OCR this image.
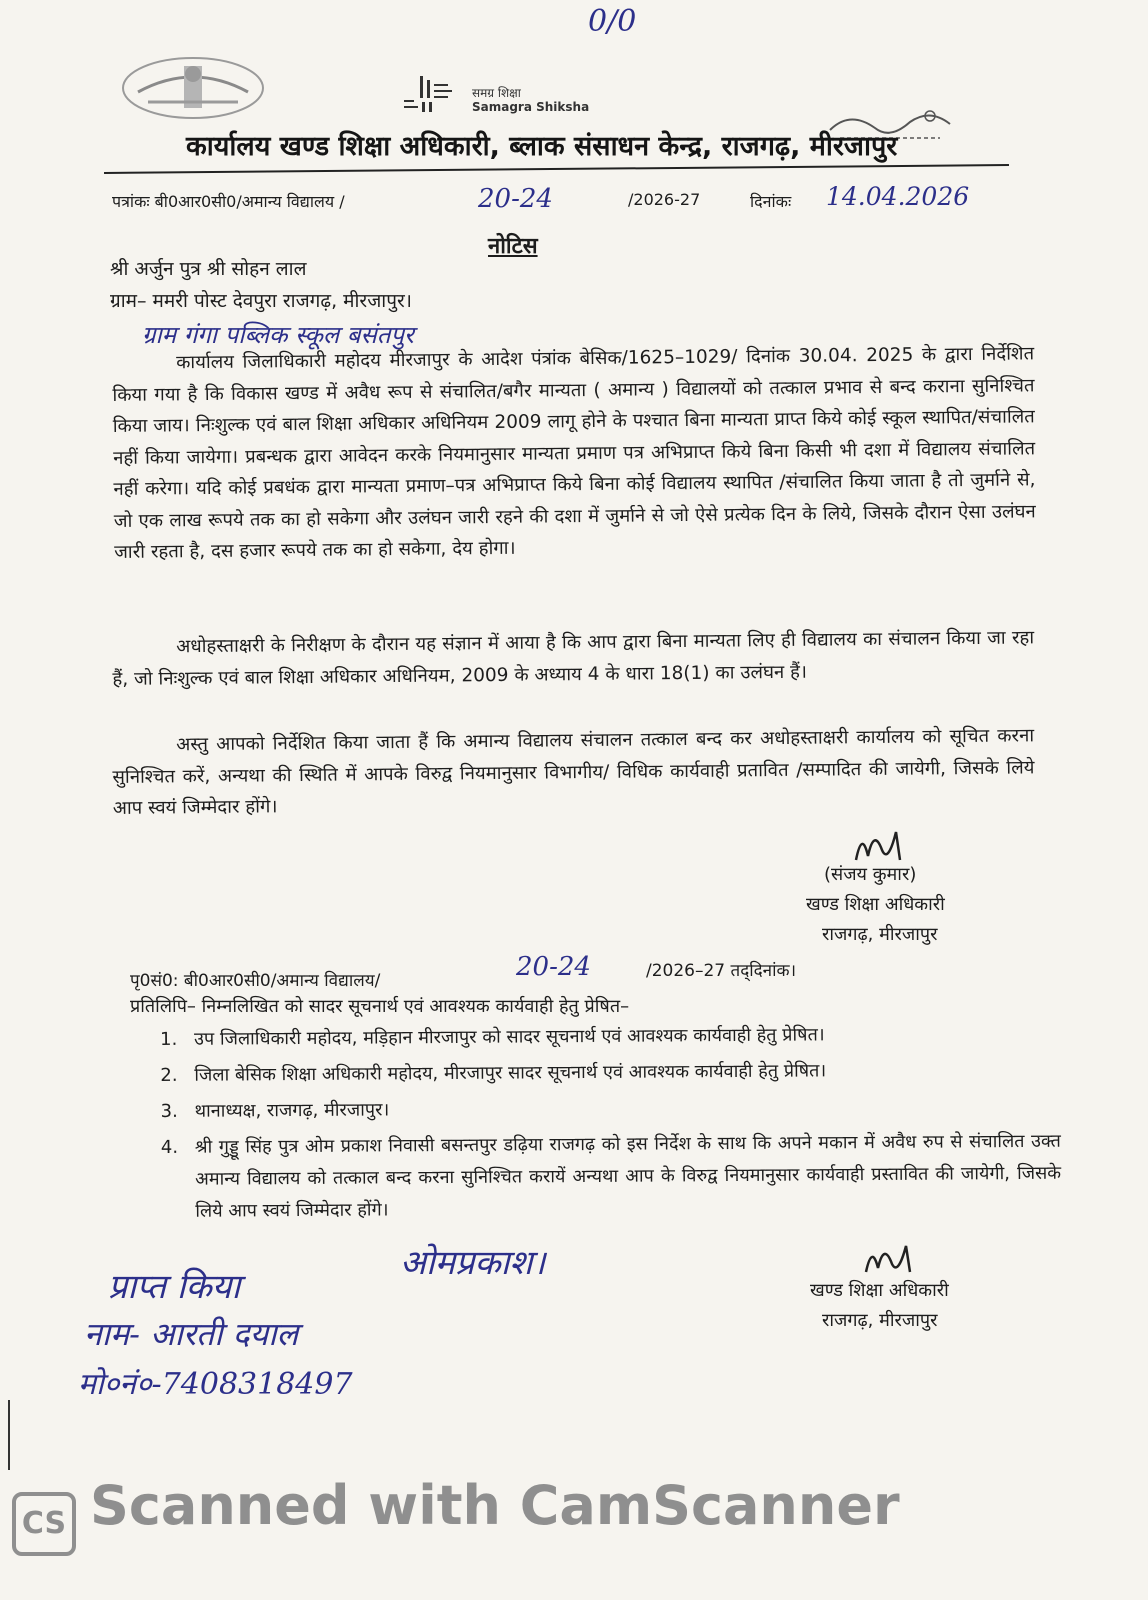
0/0
समग्र शिक्षा
Samagra Shiksha
कार्यालय खण्ड शिक्षा अधिकारी, ब्लाक संसाधन केन्द्र, राजगढ़, मीरजापुर
पत्रांकः बी0आर0सी0/अमान्य विद्यालय /	20-24	/2026-27	दिनांकः 14.04.2026
नोटिस
श्री अर्जुन पुत्र श्री सोहन लाल
ग्राम– ममरी पोस्ट देवपुरा राजगढ़, मीरजापुर।
ग्राम गंगा पब्लिक स्कूल बसंतपुर
कार्यालय जिलाधिकारी महोदय मीरजापुर के आदेश पंत्रांक बेसिक/1625–1029/ दिनांक 30.04. 2025 के द्वारा निर्देशित किया गया है कि विकास खण्ड में अवैध रूप से संचालित/बगैर मान्यता ( अमान्य ) विद्यालयों को तत्काल प्रभाव से बन्द कराना सुनिश्चित किया जाय। निःशुल्क एवं बाल शिक्षा अधिकार अधिनियम 2009 लागू होने के पश्चात बिना मान्यता प्राप्त किये कोई स्कूल स्थापित/संचालित नहीं किया जायेगा। प्रबन्धक द्वारा आवेदन करके नियमानुसार मान्यता प्रमाण पत्र अभिप्राप्त किये बिना किसी भी दशा में विद्यालय संचालित नहीं करेगा। यदि कोई प्रबधंक द्वारा मान्यता प्रमाण–पत्र अभिप्राप्त किये बिना कोई विद्यालय स्थापित /संचालित किया जाता है तो जुर्माने से, जो एक लाख रूपये तक का हो सकेगा और उलंघन जारी रहने की दशा में जुर्माने से जो ऐसे प्रत्येक दिन के लिये, जिसके दौरान ऐसा उलंघन जारी रहता है, दस हजार रूपये तक का हो सकेगा, देय होगा।
अधोहस्ताक्षरी के निरीक्षण के दौरान यह संज्ञान में आया है कि आप द्वारा बिना मान्यता लिए ही विद्यालय का संचालन किया जा रहा हैं, जो निःशुल्क एवं बाल शिक्षा अधिकार अधिनियम, 2009 के अध्याय 4 के धारा 18(1) का उलंघन हैं।
अस्तु आपको निर्देशित किया जाता हैं कि अमान्य विद्यालय संचालन तत्काल बन्द कर अधोहस्ताक्षरी कार्यालय को सूचित करना सुनिश्चित करें, अन्यथा की स्थिति में आपके विरुद्व नियमानुसार विभागीय/ विधिक कार्यवाही प्रतावित /सम्पादित की जायेगी, जिसके लिये आप स्वयं जिम्मेदार होंगे।
(संजय कुमार)
खण्ड शिक्षा अधिकारी
राजगढ़, मीरजापुर
पृ0सं0: बी0आर0सी0/अमान्य विद्यालय/	20-24	/2026–27 तद्‌दिनांक।
प्रतिलिपि– निम्नलिखित को सादर सूचनार्थ एवं आवश्यक कार्यवाही हेतु प्रेषित–
1. उप जिलाधिकारी महोदय, मड़िहान मीरजापुर को सादर सूचनार्थ एवं आवश्यक कार्यवाही हेतु प्रेषित।
2. जिला बेसिक शिक्षा अधिकारी महोदय, मीरजापुर सादर सूचनार्थ एवं आवश्यक कार्यवाही हेतु प्रेषित।
3. थानाध्यक्ष, राजगढ़, मीरजापुर।
4. श्री गुड्डू सिंह पुत्र ओम प्रकाश निवासी बसन्तपुर डढ़िया राजगढ़ को इस निर्देश के साथ कि अपने मकान में अवैध रुप से संचालित उक्त अमान्य विद्यालय को तत्काल बन्द करना सुनिश्चित करायें अन्यथा आप के विरुद्व नियमानुसार कार्यवाही प्रस्तावित की जायेगी, जिसके लिये आप स्वयं जिम्मेदार होंगे।
खण्ड शिक्षा अधिकारी
राजगढ़, मीरजापुर
ओमप्रकाश।
प्राप्त किया
नाम- आरती दयाल
मो०नं०-7408318497
CS Scanned with CamScanner
